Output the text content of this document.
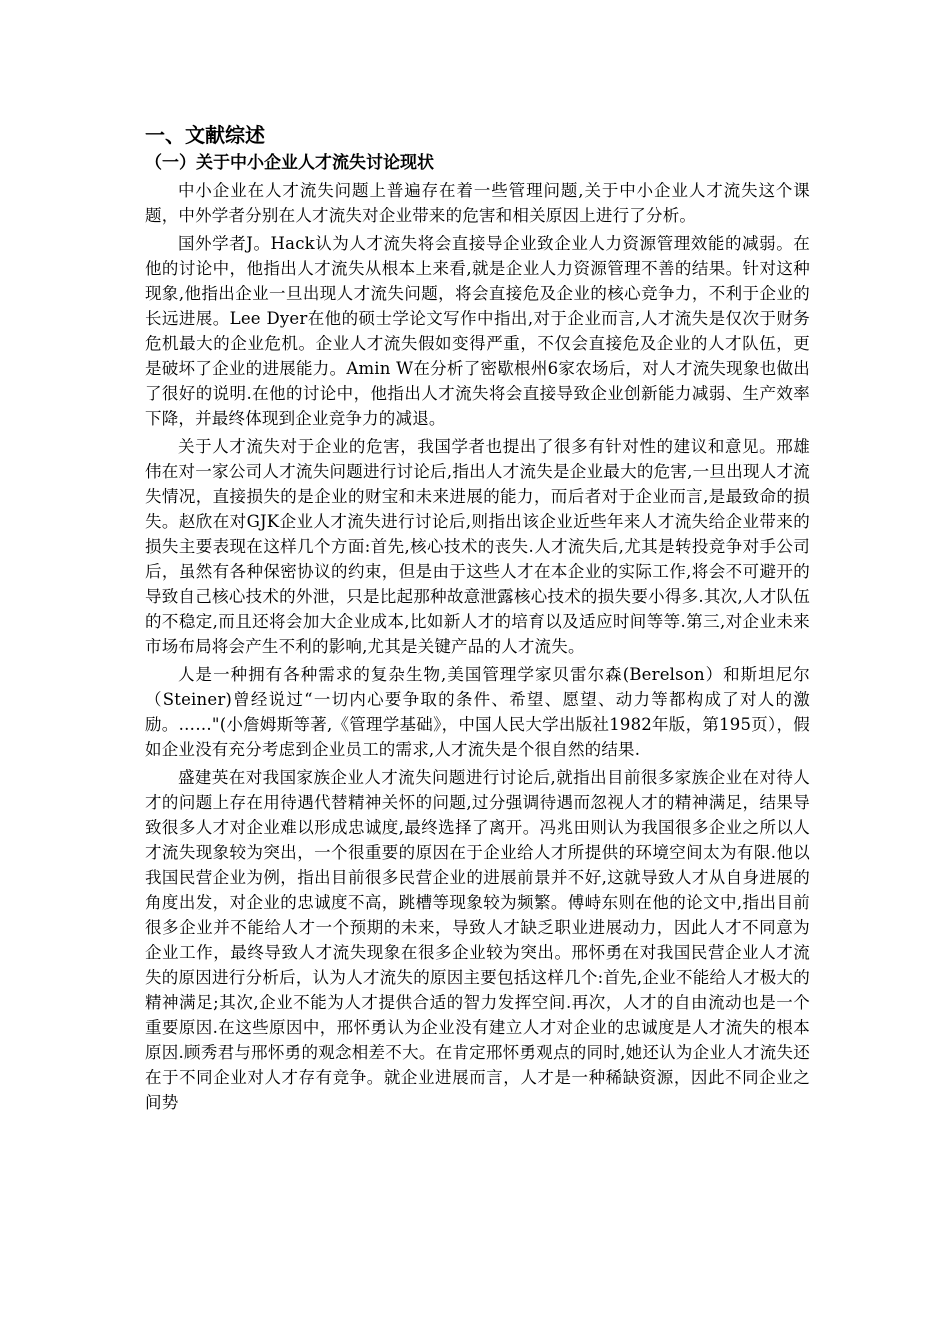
一、文献综述
（一）关于中小企业人才流失讨论现状

中小企业在人才流失问题上普遍存在着一些管理问题,关于中小企业人才流失这个课题，中外学者分别在人才流失对企业带来的危害和相关原因上进行了分析。

国外学者J。Hack认为人才流失将会直接导企业致企业人力资源管理效能的减弱。在他的讨论中，他指出人才流失从根本上来看,就是企业人力资源管理不善的结果。针对这种现象,他指出企业一旦出现人才流失问题，将会直接危及企业的核心竞争力，不利于企业的长远进展。Lee Dyer在他的硕士学论文写作中指出,对于企业而言,人才流失是仅次于财务危机最大的企业危机。企业人才流失假如变得严重，不仅会直接危及企业的人才队伍，更是破坏了企业的进展能力。Amin W在分析了密歇根州6家农场后，对人才流失现象也做出了很好的说明.在他的讨论中，他指出人才流失将会直接导致企业创新能力减弱、生产效率下降，并最终体现到企业竞争力的减退。

关于人才流失对于企业的危害，我国学者也提出了很多有针对性的建议和意见。邢雄伟在对一家公司人才流失问题进行讨论后,指出人才流失是企业最大的危害,一旦出现人才流失情况，直接损失的是企业的财宝和未来进展的能力，而后者对于企业而言,是最致命的损失。赵欣在对GJK企业人才流失进行讨论后,则指出该企业近些年来人才流失给企业带来的损失主要表现在这样几个方面:首先,核心技术的丧失.人才流失后,尤其是转投竞争对手公司后，虽然有各种保密协议的约束，但是由于这些人才在本企业的实际工作,将会不可避开的导致自己核心技术的外泄，只是比起那种故意泄露核心技术的损失要小得多.其次,人才队伍的不稳定,而且还将会加大企业成本,比如新人才的培育以及适应时间等等.第三,对企业未来市场布局将会产生不利的影响,尤其是关键产品的人才流失。

人是一种拥有各种需求的复杂生物,美国管理学家贝雷尔森(Berelson）和斯坦尼尔（Steiner)曾经说过“一切内心要争取的条件、希望、愿望、动力等都构成了对人的激励。……"(小詹姆斯等著,《管理学基础》，中国人民大学出版社1982年版，第195页），假如企业没有充分考虑到企业员工的需求,人才流失是个很自然的结果.

盛建英在对我国家族企业人才流失问题进行讨论后,就指出目前很多家族企业在对待人才的问题上存在用待遇代替精神关怀的问题,过分强调待遇而忽视人才的精神满足，结果导致很多人才对企业难以形成忠诚度,最终选择了离开。冯兆田则认为我国很多企业之所以人才流失现象较为突出，一个很重要的原因在于企业给人才所提供的环境空间太为有限.他以我国民营企业为例，指出目前很多民营企业的进展前景并不好,这就导致人才从自身进展的角度出发，对企业的忠诚度不高，跳槽等现象较为频繁。傅峙东则在他的论文中,指出目前很多企业并不能给人才一个预期的未来，导致人才缺乏职业进展动力，因此人才不同意为企业工作，最终导致人才流失现象在很多企业较为突出。邢怀勇在对我国民营企业人才流失的原因进行分析后，认为人才流失的原因主要包括这样几个:首先,企业不能给人才极大的精神满足;其次,企业不能为人才提供合适的智力发挥空间.再次，人才的自由流动也是一个重要原因.在这些原因中，邢怀勇认为企业没有建立人才对企业的忠诚度是人才流失的根本原因.顾秀君与邢怀勇的观念相差不大。在肯定邢怀勇观点的同时,她还认为企业人才流失还在于不同企业对人才存有竞争。就企业进展而言，人才是一种稀缺资源，因此不同企业之间势
